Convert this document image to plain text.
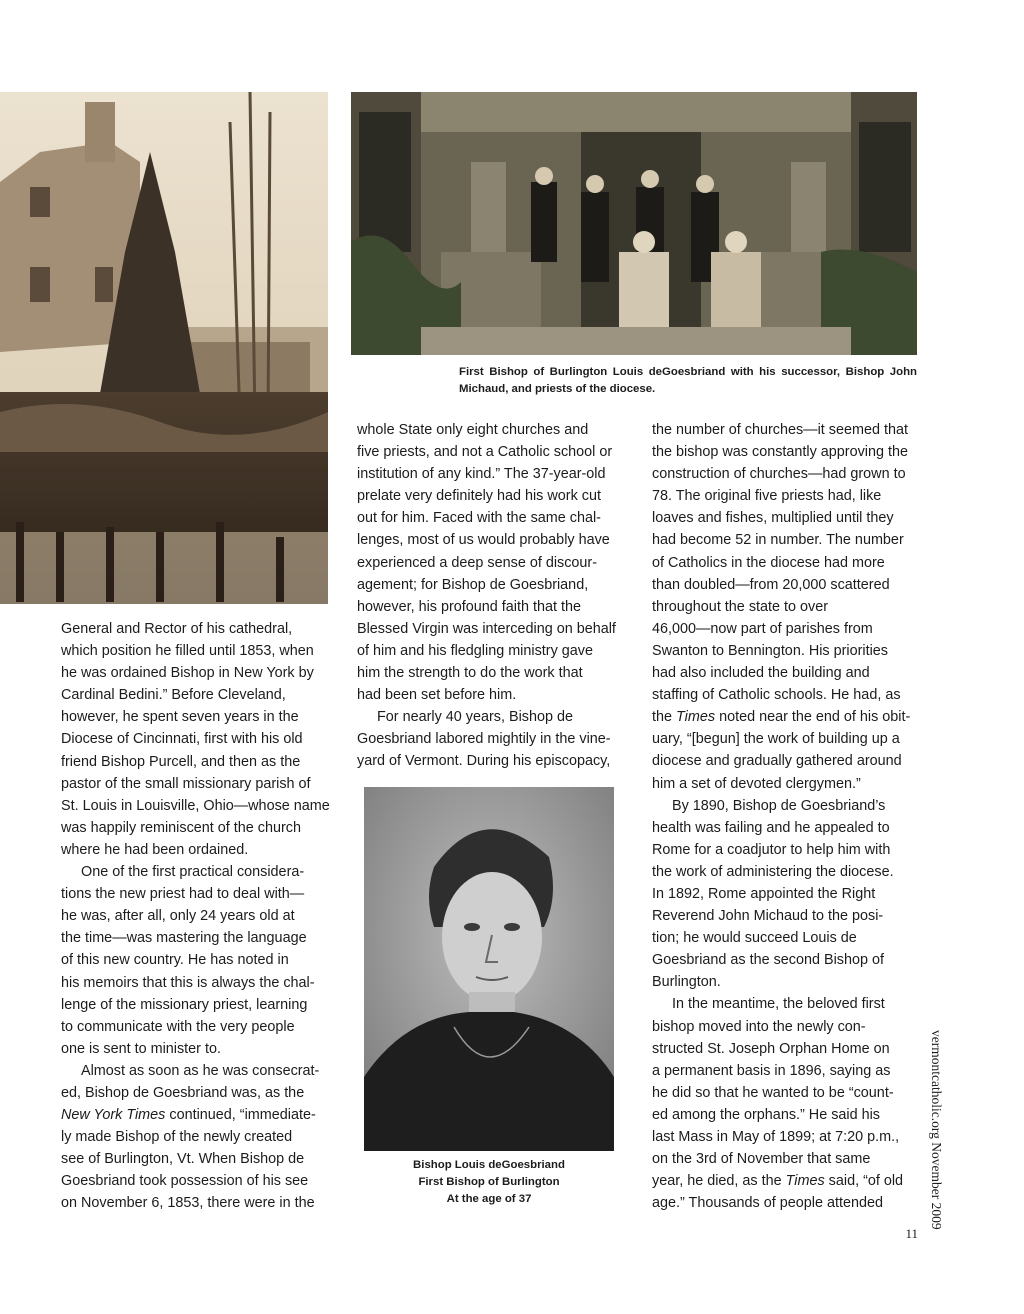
First Bishop of Burlington Louis deGoesbriand with his successor, Bishop John Michaud, and priests of the diocese.
Bishop Louis deGoesbriand
First Bishop of Burlington
At the age of 37
General and Rector of his cathedral,
which position he filled until 1853, when
he was ordained Bishop in New York by
Cardinal Bedini.” Before Cleveland,
however, he spent seven years in the
Diocese of Cincinnati, first with his old
friend Bishop Purcell, and then as the
pastor of the small missionary parish of
St. Louis in Louisville, Ohio—whose name
was happily reminiscent of the church
where he had been ordained.
One of the first practical considera-
tions the new priest had to deal with—
he was, after all, only 24 years old at
the time—was mastering the language
of this new country. He has noted in
his memoirs that this is always the chal-
lenge of the missionary priest, learning
to communicate with the very people
one is sent to minister to.
Almost as soon as he was consecrat-
ed, Bishop de Goesbriand was, as the
New York Times continued, “immediate-
ly made Bishop of the newly created
see of Burlington, Vt. When Bishop de
Goesbriand took possession of his see
on November 6, 1853, there were in the
whole State only eight churches and
five priests, and not a Catholic school or
institution of any kind.” The 37-year-old
prelate very definitely had his work cut
out for him. Faced with the same chal-
lenges, most of us would probably have
experienced a deep sense of discour-
agement; for Bishop de Goesbriand,
however, his profound faith that the
Blessed Virgin was interceding on behalf
of him and his fledgling ministry gave
him the strength to do the work that
had been set before him.
For nearly 40 years, Bishop de
Goesbriand labored mightily in the vine-
yard of Vermont. During his episcopacy,
the number of churches—it seemed that
the bishop was constantly approving the
construction of churches—had grown to
78. The original five priests had, like
loaves and fishes, multiplied until they
had become 52 in number. The number
of Catholics in the diocese had more
than doubled—from 20,000 scattered
throughout the state to over
46,000—now part of parishes from
Swanton to Bennington. His priorities
had also included the building and
staffing of Catholic schools. He had, as
the Times noted near the end of his obit-
uary, “[begun] the work of building up a
diocese and gradually gathered around
him a set of devoted clergymen.”
By 1890, Bishop de Goesbriand’s
health was failing and he appealed to
Rome for a coadjutor to help him with
the work of administering the diocese.
In 1892, Rome appointed the Right
Reverend John Michaud to the posi-
tion; he would succeed Louis de
Goesbriand as the second Bishop of
Burlington.
In the meantime, the beloved first
bishop moved into the newly con-
structed St. Joseph Orphan Home on
a permanent basis in 1896, saying as
he did so that he wanted to be “count-
ed among the orphans.” He said his
last Mass in May of 1899; at 7:20 p.m.,
on the 3rd of November that same
year, he died, as the Times said, “of old
age.” Thousands of people attended	vermontcatholic.org November 2009
11
